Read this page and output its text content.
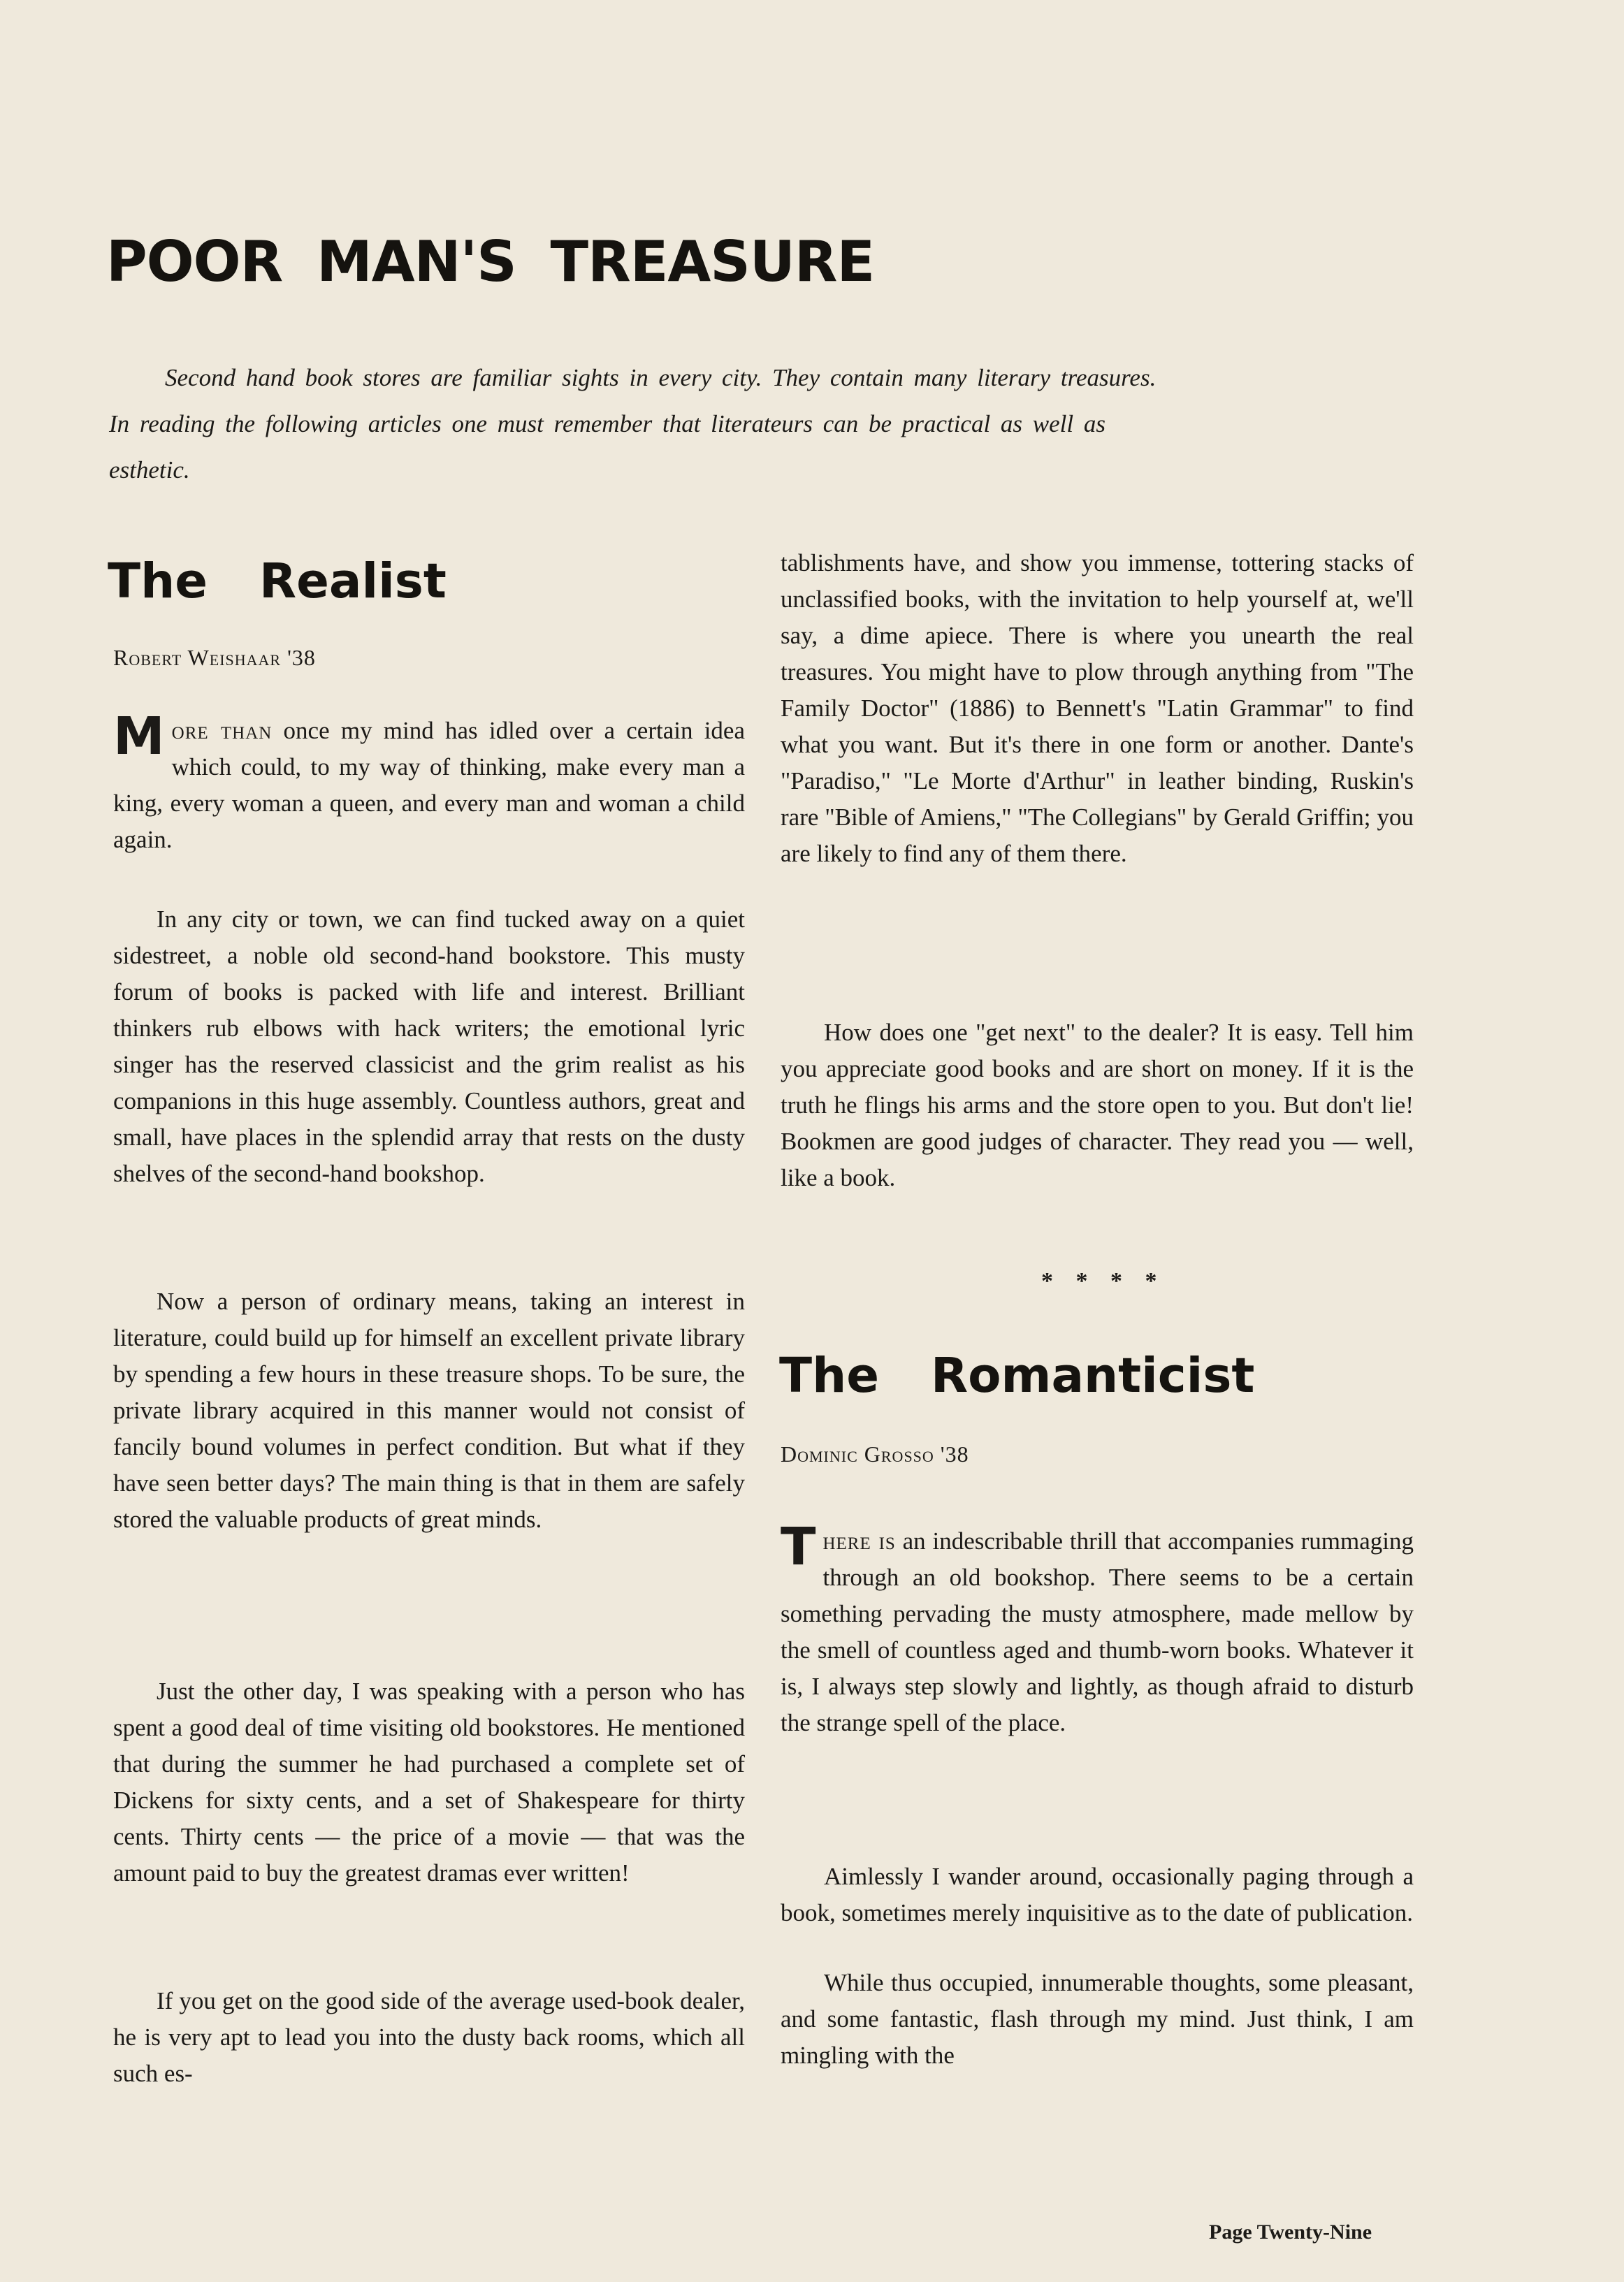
POOR MAN'S TREASURE

Second hand book stores are familiar sights in every city. They contain many literary treasures. In reading the following articles one must remember that literateurs can be practical as well as esthetic.

The Realist

Robert Weishaar '38

More than once my mind has idled over a certain idea which could, to my way of thinking, make every man a king, every woman a queen, and every man and woman a child again.

In any city or town, we can find tucked away on a quiet sidestreet, a noble old second-hand bookstore. This musty forum of books is packed with life and interest. Brilliant thinkers rub elbows with hack writers; the emotional lyric singer has the reserved classicist and the grim realist as his companions in this huge assembly. Countless authors, great and small, have places in the splendid array that rests on the dusty shelves of the second-hand bookshop.

Now a person of ordinary means, taking an interest in literature, could build up for himself an excellent private library by spending a few hours in these treasure shops. To be sure, the private library acquired in this manner would not consist of fancily bound volumes in perfect condition. But what if they have seen better days? The main thing is that in them are safely stored the valuable products of great minds.

Just the other day, I was speaking with a person who has spent a good deal of time visiting old bookstores. He mentioned that during the summer he had purchased a complete set of Dickens for sixty cents, and a set of Shakespeare for thirty cents. Thirty cents — the price of a movie — that was the amount paid to buy the greatest dramas ever written!

If you get on the good side of the average used-book dealer, he is very apt to lead you into the dusty back rooms, which all such es-

tablishments have, and show you immense, tottering stacks of unclassified books, with the invitation to help yourself at, we'll say, a dime apiece. There is where you unearth the real treasures. You might have to plow through anything from "The Family Doctor" (1886) to Bennett's "Latin Grammar" to find what you want. But it's there in one form or another. Dante's "Paradiso," "Le Morte d'Arthur" in leather binding, Ruskin's rare "Bible of Amiens," "The Collegians" by Gerald Griffin; you are likely to find any of them there.

How does one "get next" to the dealer? It is easy. Tell him you appreciate good books and are short on money. If it is the truth he flings his arms and the store open to you. But don't lie! Bookmen are good judges of character. They read you — well, like a book.

The Romanticist

Dominic Grosso '38

There is an indescribable thrill that accompanies rummaging through an old bookshop. There seems to be a certain something pervading the musty atmosphere, made mellow by the smell of countless aged and thumb-worn books. Whatever it is, I always step slowly and lightly, as though afraid to disturb the strange spell of the place.

Aimlessly I wander around, occasionally paging through a book, sometimes merely inquisitive as to the date of publication.

While thus occupied, innumerable thoughts, some pleasant, and some fantastic, flash through my mind. Just think, I am mingling with the

* * * *

Page Twenty-Nine
